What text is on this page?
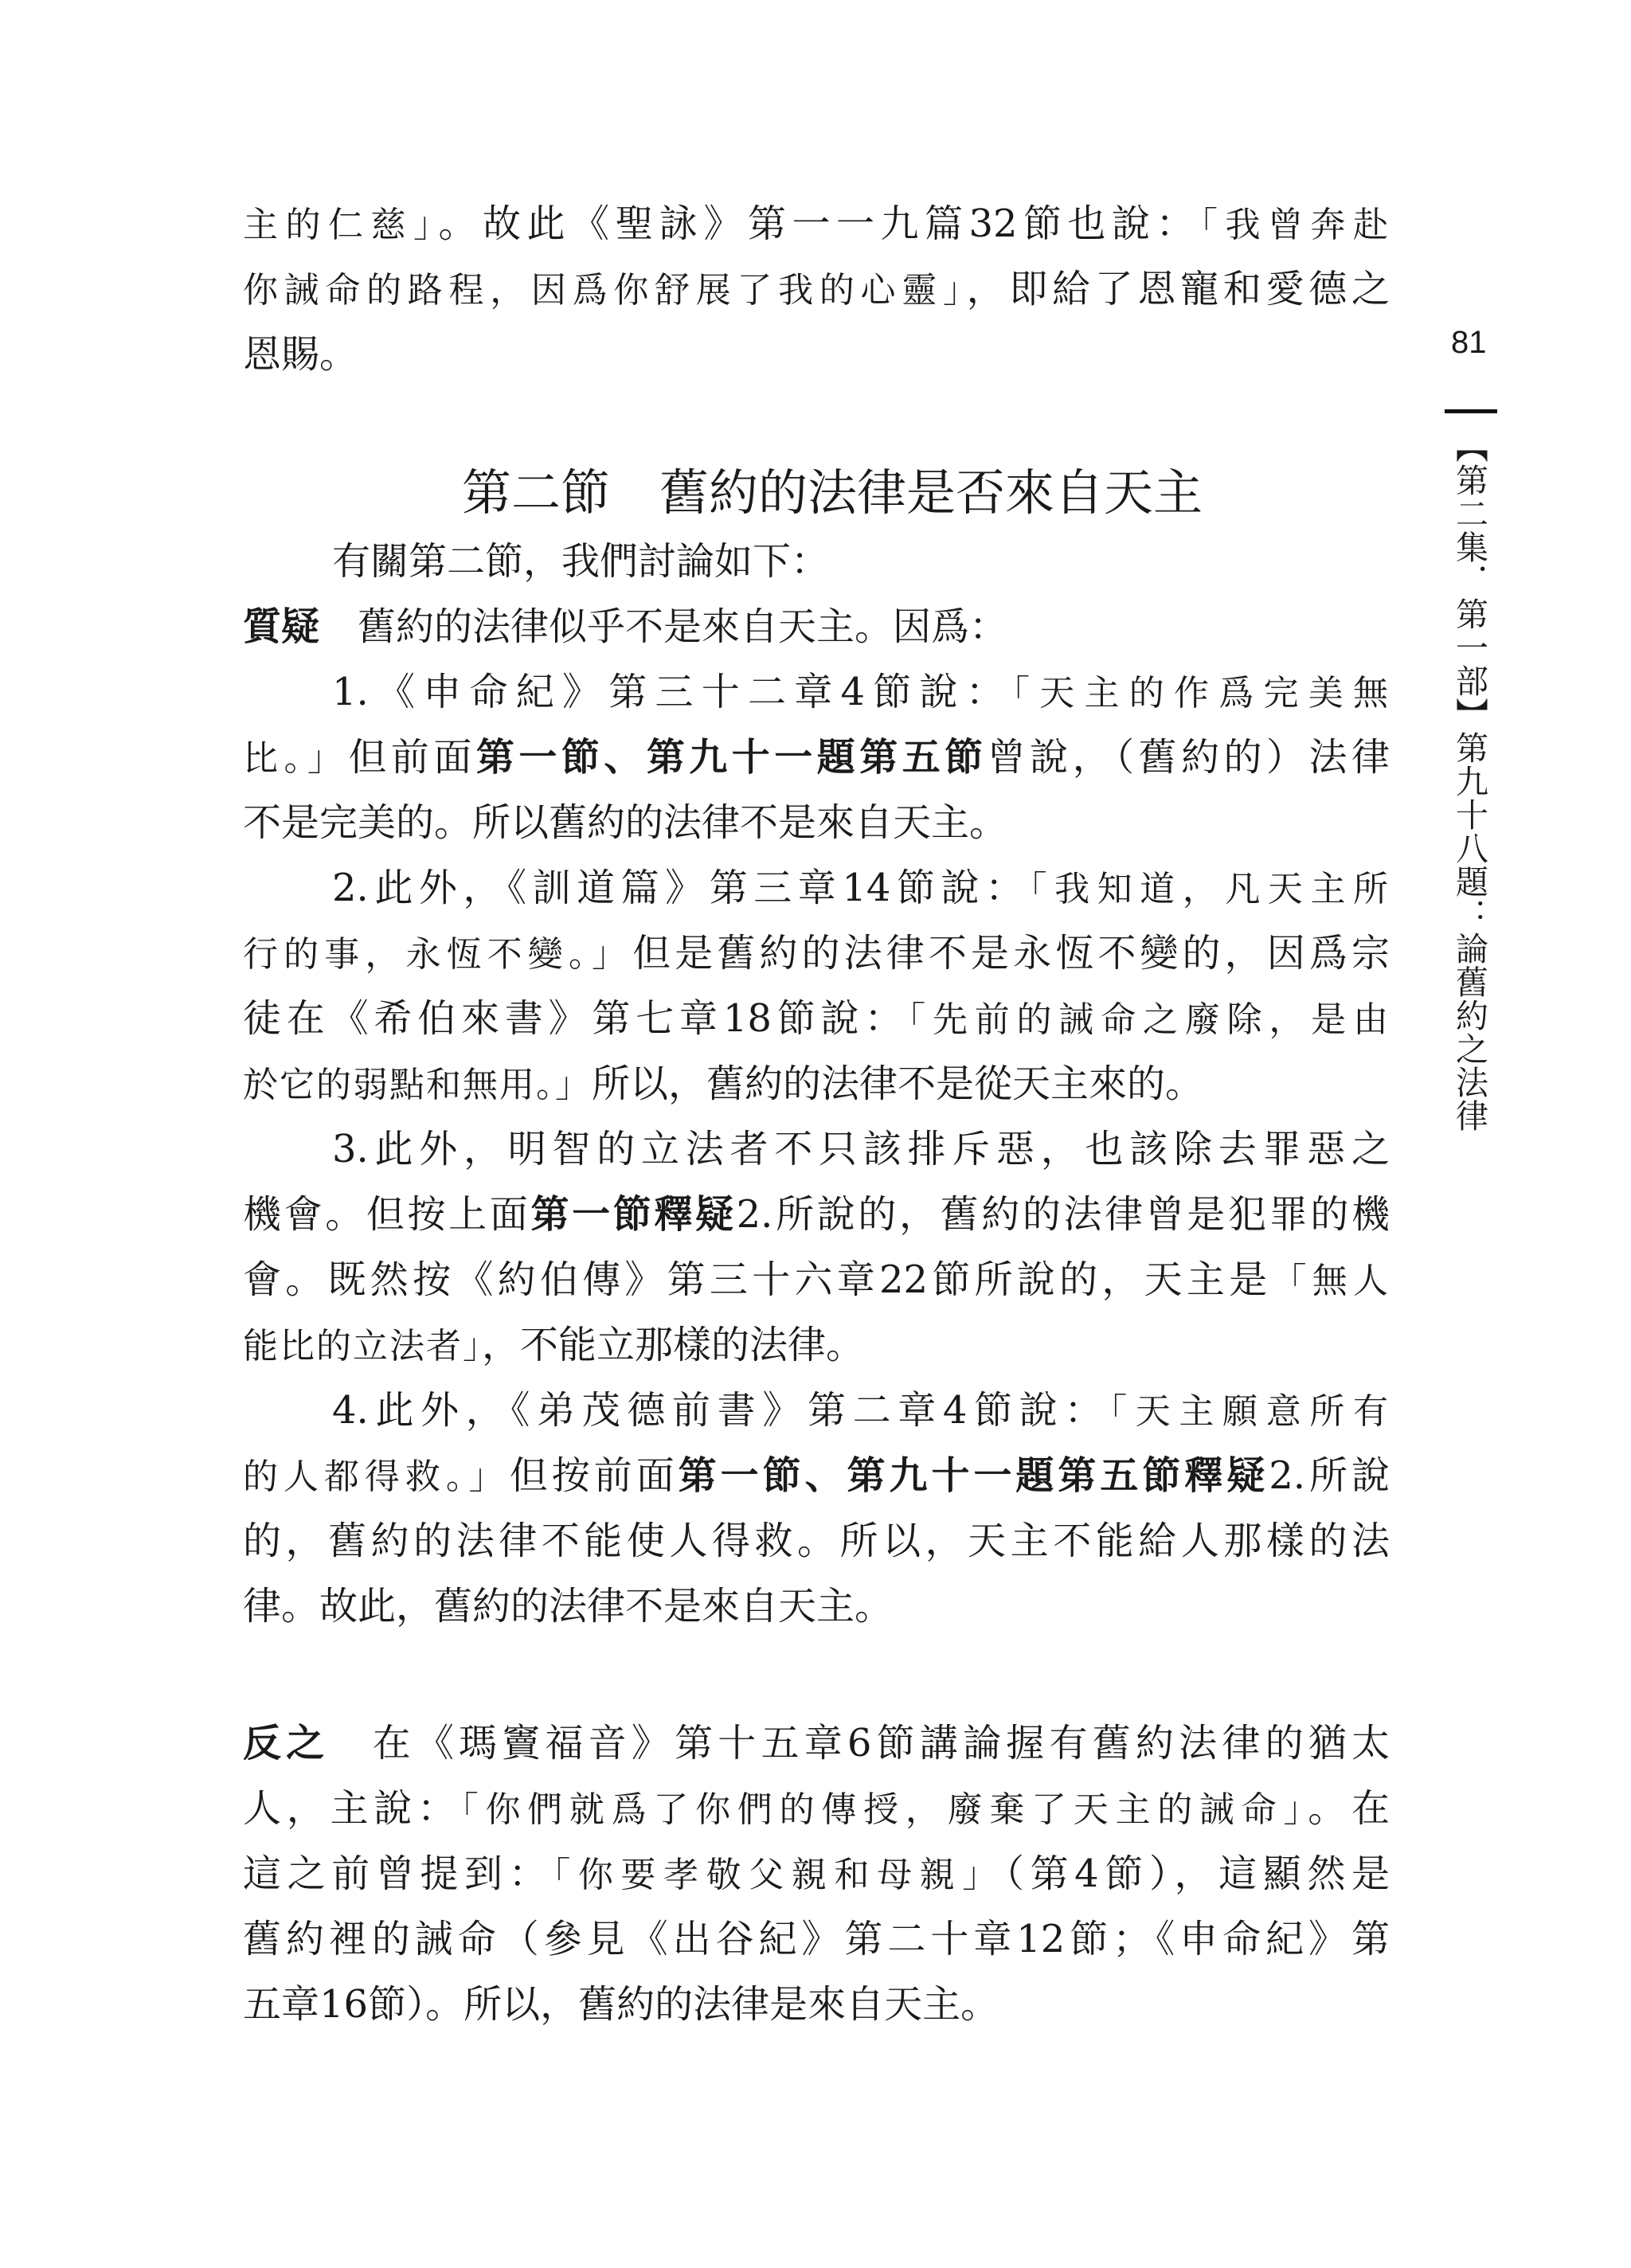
81
【第二集．第一部】第九十八題：論舊約之法律
主的仁慈」。故此《聖詠》第一一九篇32節也說：「我曾奔赴
你誡命的路程，因爲你舒展了我的心靈」，即給了恩寵和愛德之
恩賜。
第二節　舊約的法律是否來自天主
有關第二節，我們討論如下：
質疑　舊約的法律似乎不是來自天主。因爲：
1.《申命紀》第三十二章4節說：「天主的作爲完美無
比。」但前面第一節、第九十一題第五節曾說，（舊約的）法律
不是完美的。所以舊約的法律不是來自天主。
2.此外，《訓道篇》第三章14節說：「我知道，凡天主所
行的事，永恆不變。」但是舊約的法律不是永恆不變的，因爲宗
徒在《希伯來書》第七章18節說：「先前的誡命之廢除，是由
於它的弱點和無用。」所以，舊約的法律不是從天主來的。
3.此外，明智的立法者不只該排斥惡，也該除去罪惡之
機會。但按上面第一節釋疑2.所說的，舊約的法律曾是犯罪的機
會。既然按《約伯傳》第三十六章22節所說的，天主是「無人
能比的立法者」，不能立那樣的法律。
4.此外，《弟茂德前書》第二章4節說：「天主願意所有
的人都得救。」但按前面第一節、第九十一題第五節釋疑2.所說
的，舊約的法律不能使人得救。所以，天主不能給人那樣的法
律。故此，舊約的法律不是來自天主。
反之　在《瑪竇福音》第十五章6節講論握有舊約法律的猶太
人，主說：「你們就爲了你們的傳授，廢棄了天主的誡命」。在
這之前曾提到：「你要孝敬父親和母親」（第4節），這顯然是
舊約裡的誡命（參見《出谷紀》第二十章12節；《申命紀》第
五章16節）。所以，舊約的法律是來自天主。
